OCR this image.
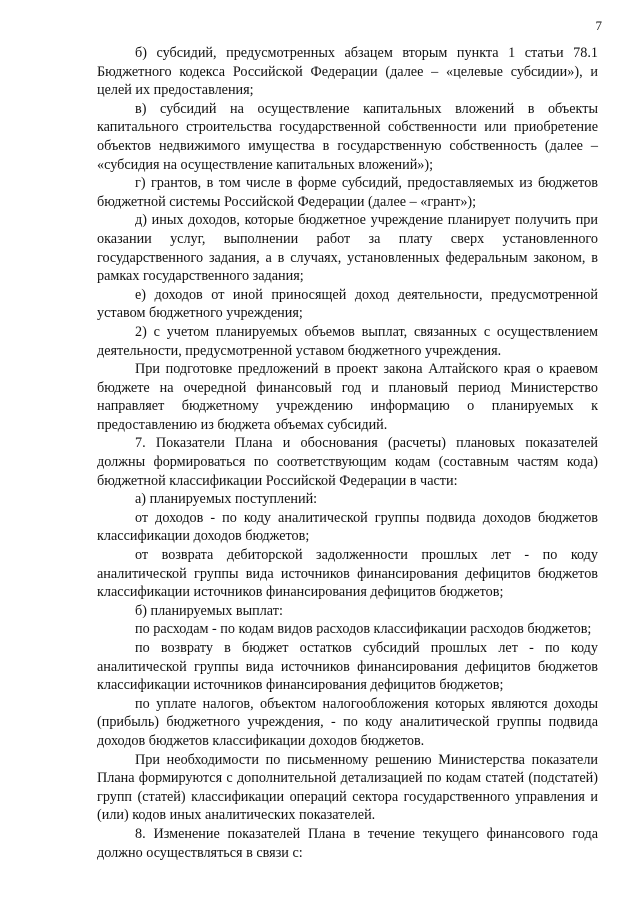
7

б) субсидий, предусмотренных абзацем вторым пункта 1 статьи 78.1 Бюджетного кодекса Российской Федерации (далее – «целевые субсидии»), и целей их предоставления;

в) субсидий на осуществление капитальных вложений в объекты капитального строительства государственной собственности или приобретение объектов недвижимого имущества в государственную собственность (далее – «субсидия на осуществление капитальных вложений»);

г) грантов, в том числе в форме субсидий, предоставляемых из бюджетов бюджетной системы Российской Федерации (далее – «грант»);

д) иных доходов, которые бюджетное учреждение планирует получить при оказании услуг, выполнении работ за плату сверх установленного государственного задания, а в случаях, установленных федеральным законом, в рамках государственного задания;

е) доходов от иной приносящей доход деятельности, предусмотренной уставом бюджетного учреждения;

2) с учетом планируемых объемов выплат, связанных с осуществлением деятельности, предусмотренной уставом бюджетного учреждения.

При подготовке предложений в проект закона Алтайского края о краевом бюджете на очередной финансовый год и плановый период Министерство направляет бюджетному учреждению информацию о планируемых к предоставлению из бюджета объемах субсидий.

7. Показатели Плана и обоснования (расчеты) плановых показателей должны формироваться по соответствующим кодам (составным частям кода) бюджетной классификации Российской Федерации в части:

а) планируемых поступлений:

от доходов - по коду аналитической группы подвида доходов бюджетов классификации доходов бюджетов;

от возврата дебиторской задолженности прошлых лет - по коду аналитической группы вида источников финансирования дефицитов бюджетов классификации источников финансирования дефицитов бюджетов;

б) планируемых выплат:

по расходам - по кодам видов расходов классификации расходов бюджетов;

по возврату в бюджет остатков субсидий прошлых лет - по коду аналитической группы вида источников финансирования дефицитов бюджетов классификации источников финансирования дефицитов бюджетов;

по уплате налогов, объектом налогообложения которых являются доходы (прибыль) бюджетного учреждения, - по коду аналитической группы подвида доходов бюджетов классификации доходов бюджетов.

При необходимости по письменному решению Министерства показатели Плана формируются с дополнительной детализацией по кодам статей (подстатей) групп (статей) классификации операций сектора государственного управления и (или) кодов иных аналитических показателей.

8. Изменение показателей Плана в течение текущего финансового года должно осуществляться в связи с:
